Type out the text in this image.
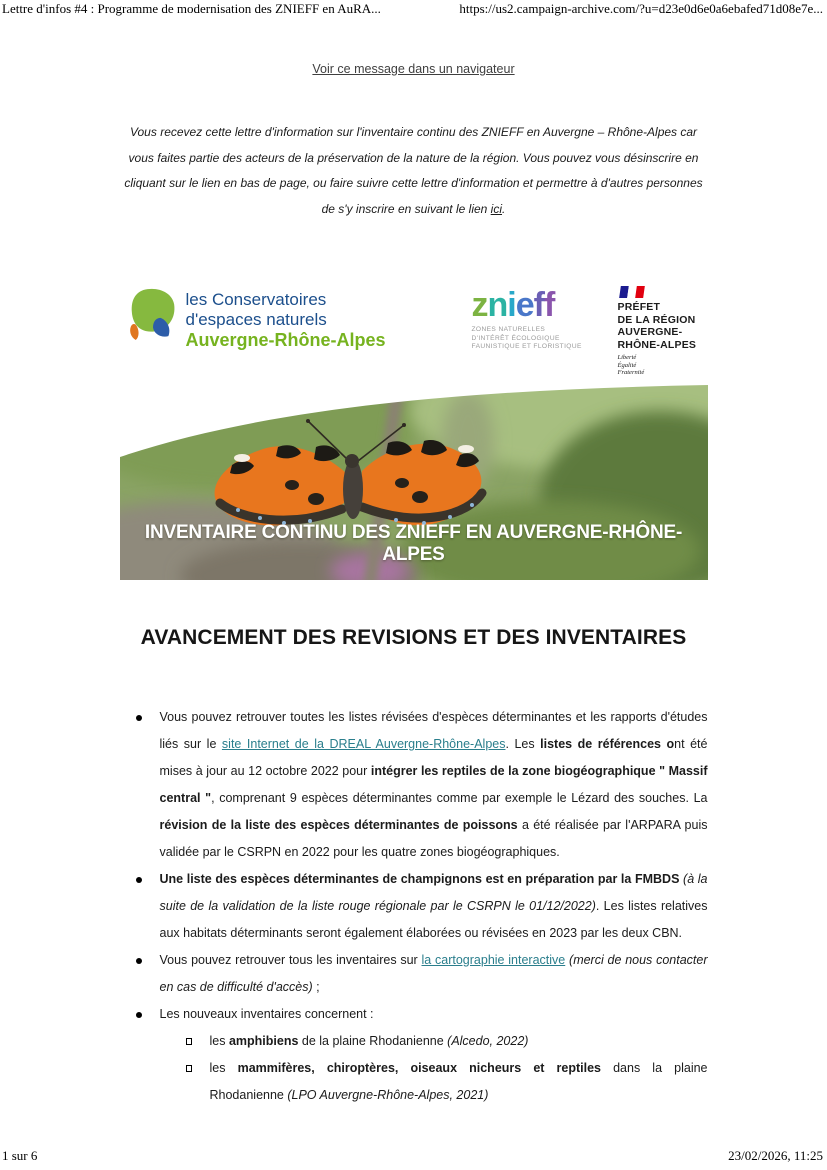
Lettre d'infos #4 : Programme de modernisation des ZNIEFF en AuRA...	https://us2.campaign-archive.com/?u=d23e0d6e0a6ebafed71d08e7e...
Voir ce message dans un navigateur

Vous recevez cette lettre d'information sur l'inventaire continu des ZNIEFF en Auvergne – Rhône-Alpes car vous faites partie des acteurs de la préservation de la nature de la région. Vous pouvez vous désinscrire en cliquant sur le lien en bas de page, ou faire suivre cette lettre d'information et permettre à d'autres personnes de s'y inscrire en suivant le lien ici.

les Conservatoires
d'espaces naturels
Auvergne-Rhône-Alpes
znieff
ZONES NATURELLES
D'INTÉRÊT ÉCOLOGIQUE
FAUNISTIQUE ET FLORISTIQUE
PRÉFET
DE LA RÉGION
AUVERGNE-
RHÔNE-ALPES
Liberté
Égalité
Fraternité
INVENTAIRE CONTINU DES ZNIEFF EN AUVERGNE-RHÔNE-ALPES
AVANCEMENT DES REVISIONS ET DES INVENTAIRES
Vous pouvez retrouver toutes les listes révisées d'espèces déterminantes et les rapports d'études liés sur le site Internet de la DREAL Auvergne-Rhône-Alpes. Les listes de références ont été mises à jour au 12 octobre 2022 pour intégrer les reptiles de la zone biogéographique " Massif central ", comprenant 9 espèces déterminantes comme par exemple le Lézard des souches. La révision de la liste des espèces déterminantes de poissons a été réalisée par l'ARPARA puis validée par le CSRPN en 2022 pour les quatre zones biogéographiques.
Une liste des espèces déterminantes de champignons est en préparation par la FMBDS (à la suite de la validation de la liste rouge régionale par le CSRPN le 01/12/2022). Les listes relatives aux habitats déterminants seront également élaborées ou révisées en 2023 par les deux CBN.
Vous pouvez retrouver tous les inventaires sur la cartographie interactive (merci de nous contacter en cas de difficulté d'accès) ;
Les nouveaux inventaires concernent :
les amphibiens de la plaine Rhodanienne (Alcedo, 2022)
les mammifères, chiroptères, oiseaux nicheurs et reptiles dans la plaine Rhodanienne (LPO Auvergne-Rhône-Alpes, 2021)
1 sur 6	23/02/2026, 11:25
